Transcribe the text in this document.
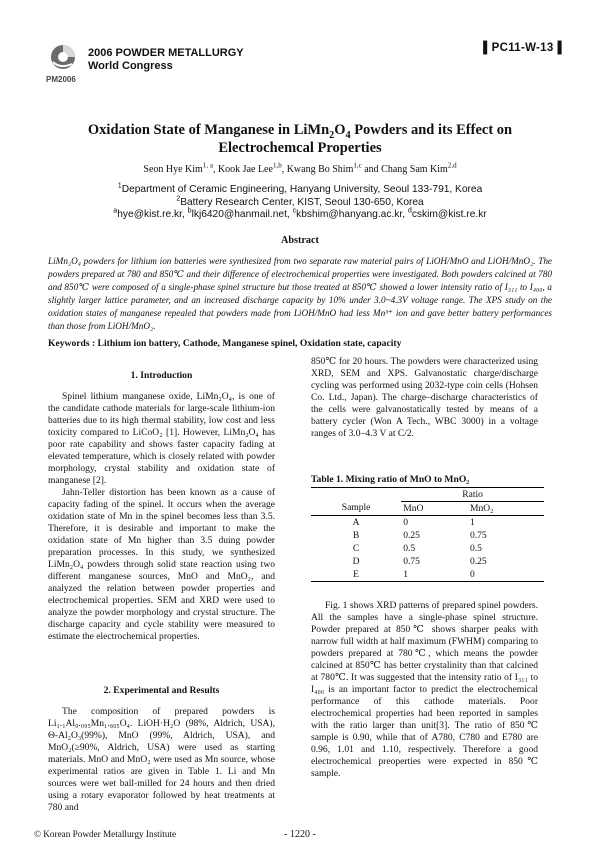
PM2006
2006 POWDER METALLURGY
World Congress
▌PC11-W-13▐
Oxidation State of Manganese in $LiMn_2O_4$ Powders and its Effect on
Electrochemcal Properties
Seon Hye Kim$^{1, a}$, Kook Jae Lee$^{1,b}$, Kwang Bo Shim$^{1,c}$ and Chang Sam Kim$^{2,d}$
$^1$Department of Ceramic Engineering, Hanyang University, Seoul 133-791, Korea
$^2$Battery Research Center, KIST, Seoul 130-650, Korea
$^a$hye@kist.re.kr, $^b$lkj6420@hanmail.net, $^c$kbshim@hanyang.ac.kr, $^d$cskim@kist.re.kr
Abstract
LiMn₂O₄ powders for lithium ion batteries were synthesized from two separate raw material pairs of LiOH/MnO and LiOH/MnO₂. The powders prepared at 780 and 850℃ and their difference of electrochemical properties were investigated. Both powders calcined at 780 and 850℃ were composed of a single-phase spinel structure but those treated at 850℃ showed a lower intensity ratio of I₃₁₁ to I₄₀₀, a slightly larger lattice parameter, and an increased discharge capacity by 10% under 3.0~4.3V voltage range. The XPS study on the oxidation states of manganese repealed that powders made from LiOH/MnO had less Mn³⁺ ion and gave better battery performances than those from LiOH/MnO₂.
Keywords : Lithium ion battery, Cathode, Manganese spinel, Oxidation state, capacity
1. Introduction

Spinel lithium manganese oxide, LiMn₂O₄, is one of the candidate cathode materials for large-scale lithium-ion batteries due to its high thermal stability, low cost and less toxicity compared to LiCoO₂ [1]. However, LiMn₂O₄ has poor rate capability and shows faster capacity fading at elevated temperature, which is closely related with powder morphology, crystal stability and oxidation state of manganese [2].

Jahn-Teller distortion has been known as a cause of capacity fading of the spinel. It occurs when the average oxidation state of Mn in the spinel becomes less than 3.5. Therefore, it is desirable and important to make the oxidation state of Mn higher than 3.5 duing powder preparation processes. In this study, we synthesized LiMn₂O₄ powders through solid state reaction using two different manganese sources, MnO and MnO₂, and analyzed the relation between powder properties and electrochemical properties. SEM and XRD were used to analyze the powder morphology and crystal structure. The discharge capacity and cycle stability were measured to estimate the electrochemical properties.

2. Experimental and Results

The composition of prepared powders is Li₁.₁Al₀.₀₉₅Mn₁.₈₀₅O₄. LiOH·H₂O (98%, Aldrich, USA), Θ-Al₂O₃(99%), MnO (99%, Aldrich, USA), and MnO₂(≥90%, Aldrich, USA) were used as starting materials. MnO and MnO₂ were used as Mn source, whose experimental ratios are given in Table 1. Li and Mn sources were wet ball-milled for 24 hours and then dried using a rotary evaporator followed by heat treatments at 780 and

850℃ for 20 hours. The powders were characterized using XRD, SEM and XPS. Galvanostatic charge/discharge cycling was performed using 2032-type coin cells (Hohsen Co. Ltd., Japan). The charge–discharge characteristics of the cells were galvanostatically tested by means of a battery cycler (Won A Tech., WBC 3000) in a voltage ranges of 3.0–4.3 V at C/2.

Table 1. Mixing ratio of MnO to MnO₂
	Ratio	
Sample	MnO	MnO₂
A	0	1
B	0.25	0.75
C	0.5	0.5
D	0.75	0.25
E	1	0

Fig. 1 shows XRD patterns of prepared spinel powders. All the samples have a single-phase spinel structure. Powder prepared at 850℃ shows sharper peaks with narrow full width at half maximum (FWHM) comparing to powders prepared at 780℃, which means the powder calcined at 850℃ has better crystalinity than that calcined at 780℃. It was suggested that the intensity ratio of I₃₁₁ to I₄₀₀ is an important factor to predict the electrochemical performance of this cathode materials. Poor electrochemical properties had been reported in samples with the ratio larger than unit[3]. The ratio of 850℃ sample is 0.90, while that of A780, C780 and E780 are 0.96, 1.01 and 1.10, respectively. Therefore a good electrochemical preoperties were expected in 850℃ sample.

© Korean Powder Metallurgy Institute	- 1220 -
